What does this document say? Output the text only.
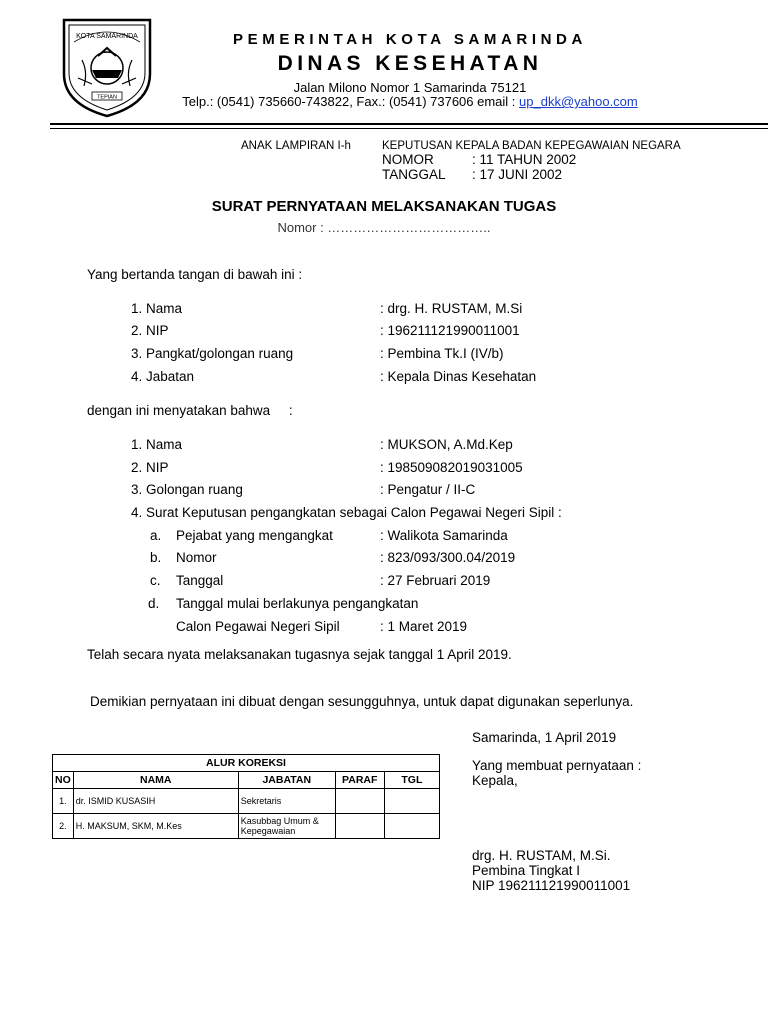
KOTA SAMARINDA
TEPIAN
PEMERINTAH KOTA SAMARINDA
DINAS KESEHATAN
Jalan Milono Nomor 1 Samarinda 75121
Telp.: (0541) 735660-743822, Fax.: (0541) 737606 email : up_dkk@yahoo.com
ANAK LAMPIRAN I-h	KEPUTUSAN KEPALA BADAN KEPEGAWAIAN NEGARA
NOMOR	: 11 TAHUN 2002
TANGGAL : 17 JUNI 2002
SURAT PERNYATAAN MELAKSANAKAN TUGAS
Nomor : ………………………………..
Yang bertanda tangan di bawah ini :
1. Nama	: drg. H. RUSTAM, M.Si
2. NIP	: 196211121990011001
3. Pangkat/golongan ruang	: Pembina Tk.I (IV/b)
4. Jabatan	: Kepala Dinas Kesehatan
dengan ini menyatakan bahwa     :
1. Nama	: MUKSON, A.Md.Kep
2. NIP	: 198509082019031005
3. Golongan ruang	: Pengatur / II-C
4. Surat Keputusan pengangkatan sebagai Calon Pegawai Negeri Sipil :
a. Pejabat yang mengangkat	: Walikota Samarinda
b. Nomor	: 823/093/300.04/2019
c. Tanggal	: 27 Februari 2019
d. Tanggal mulai berlakunya pengangkatan
Calon Pegawai Negeri Sipil	: 1 Maret 2019
Telah secara nyata melaksanakan tugasnya sejak tanggal 1 April 2019.
Demikian pernyataan ini dibuat dengan sesungguhnya, untuk dapat digunakan seperlunya.
Samarinda, 1 April 2019
Yang membuat pernyataan :
Kepala,
drg. H. RUSTAM, M.Si.
Pembina Tingkat I
NIP 196211121990011001
ALUR KOREKSI				
NO	NAMA	JABATAN	PARAF	TGL
1.	dr. ISMID KUSASIH	Sekretaris		
2.	H. MAKSUM, SKM, M.Kes	Kasubbag Umum & Kepegawaian		
